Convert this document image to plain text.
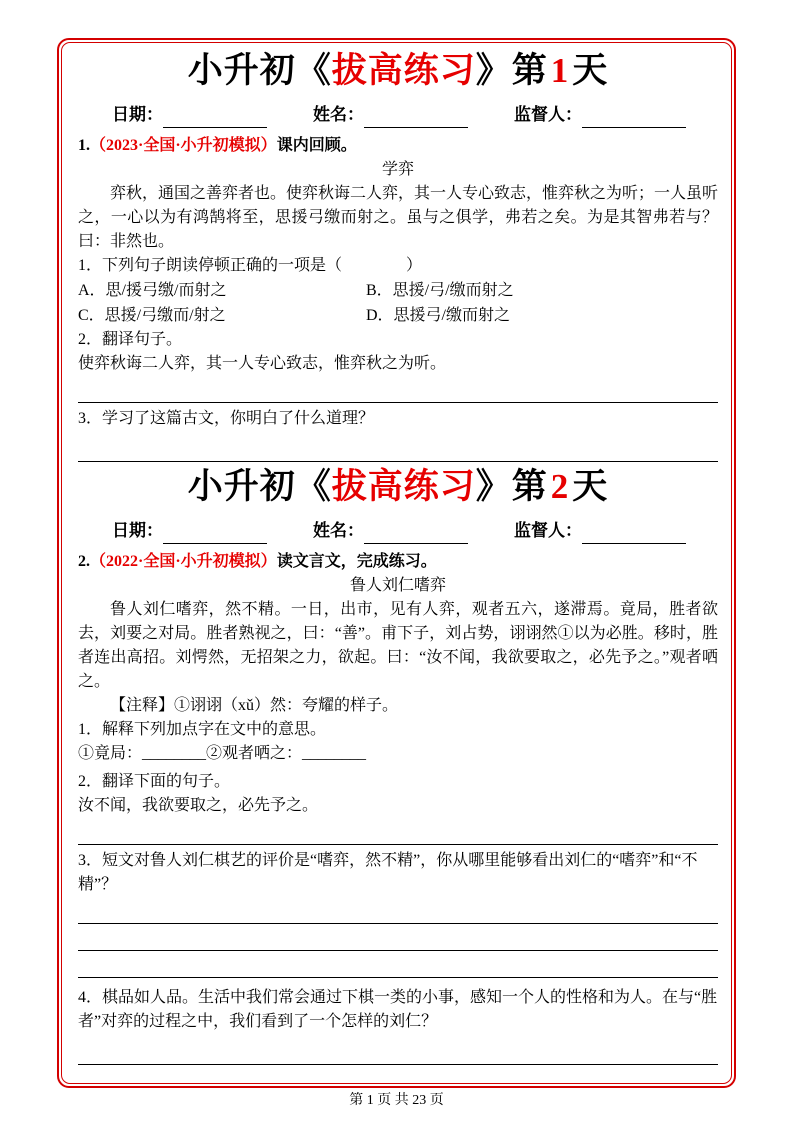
小升初《拔高练习》第1天
日期：	姓名：	监督人：
1.（2023·全国·小升初模拟）课内回顾。
学弈
弈秋，通国之善弈者也。使弈秋诲二人弈，其一人专心致志，惟弈秋之为听；一人虽听之，一心以为有鸿鹄将至，思援弓缴而射之。虽与之俱学，弗若之矣。为是其智弗若与？曰：非然也。
1．下列句子朗读停顿正确的一项是（　　　　）
A．思/援弓缴/而射之	B．思援/弓/缴而射之
C．思援/弓缴而/射之	D．思援弓/缴而射之
2．翻译句子。
使弈秋诲二人弈，其一人专心致志，惟弈秋之为听。
3．学习了这篇古文，你明白了什么道理？
小升初《拔高练习》第2天
日期：	姓名：	监督人：
2.（2022·全国·小升初模拟）读文言文，完成练习。
鲁人刘仁嗜弈
鲁人刘仁嗜弈，然不精。一日，出市，见有人弈，观者五六，遂滞焉。竟局，胜者欲去，刘要之对局。胜者熟视之，曰：“善”。甫下子，刘占势，诩诩然①以为必胜。移时，胜者连出高招。刘愕然，无招架之力，欲起。曰：“汝不闻，我欲要取之，必先予之。”观者哂之。
【注释】①诩诩（xǔ）然：夸耀的样子。
1．解释下列加点字在文中的意思。
①竟局：________②观者哂之：________
2．翻译下面的句子。
汝不闻，我欲要取之，必先予之。
3．短文对鲁人刘仁棋艺的评价是“嗜弈，然不精”，你从哪里能够看出刘仁的“嗜弈”和“不精”？
4．棋品如人品。生活中我们常会通过下棋一类的小事，感知一个人的性格和为人。在与“胜者”对弈的过程之中，我们看到了一个怎样的刘仁？
第 1 页 共 23 页
